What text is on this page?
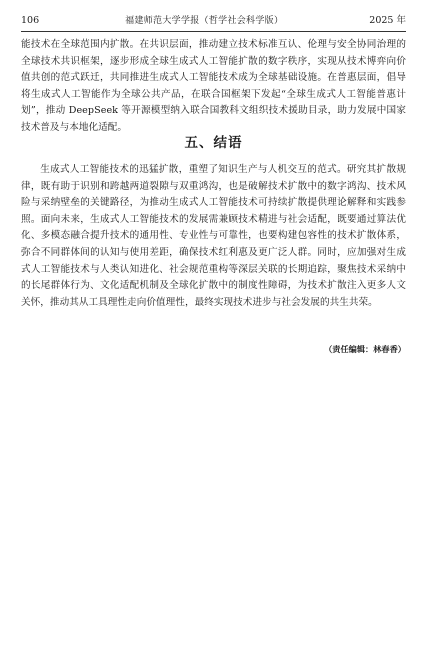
106	福建师范大学学报（哲学社会科学版）	2025 年
能技术在全球范围内扩散。在共识层面，推动建立技术标准互认、伦理与安全协同治理的全球技术共识框架，逐步形成全球生成式人工智能扩散的数字秩序，实现从技术博弈向价值共创的范式跃迁，共同推进生成式人工智能技术成为全球基础设施。在普惠层面，倡导将生成式人工智能作为全球公共产品，在联合国框架下发起“全球生成式人工智能普惠计划”，推动 DeepSeek 等开源模型纳入联合国教科文组织技术援助目录，助力发展中国家技术普及与本地化适配。
五、结语
生成式人工智能技术的迅猛扩散，重塑了知识生产与人机交互的范式。研究其扩散规律，既有助于识别和跨越两道裂隙与双重鸿沟，也是破解技术扩散中的数字鸿沟、技术风险与采纳壁垒的关键路径，为推动生成式人工智能技术可持续扩散提供理论解释和实践参照。面向未来，生成式人工智能技术的发展需兼顾技术精进与社会适配，既要通过算法优化、多模态融合提升技术的通用性、专业性与可靠性，也要构建包容性的技术扩散体系，弥合不同群体间的认知与使用差距，确保技术红利惠及更广泛人群。同时，应加强对生成式人工智能技术与人类认知进化、社会规范重构等深层关联的长期追踪，聚焦技术采纳中的长尾群体行为、文化适配机制及全球化扩散中的制度性障碍，为技术扩散注入更多人文关怀，推动其从工具理性走向价值理性，最终实现技术进步与社会发展的共生共荣。
（责任编辑：林春香）
